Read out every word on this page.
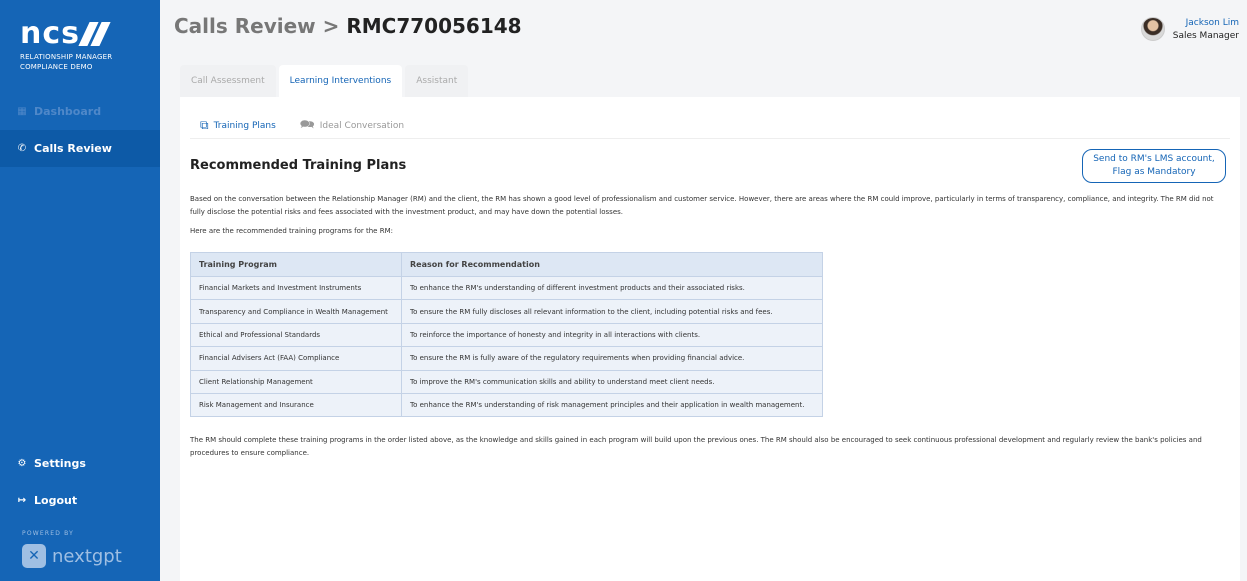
ncs
RELATIONSHIP MANAGER
COMPLIANCE DEMO
▦ Dashboard
✆ Calls Review
⚙ Settings
↦ Logout
POWERED BY
✕ nextgpt
Calls Review > RMC770056148	Jackson Lim
Sales Manager
Call Assessment	Learning Interventions	Assistant
⧉ Training Plans 🗪 Ideal Conversation
Recommended Training Plans	Send to RM's LMS account,
Flag as Mandatory

Based on the conversation between the Relationship Manager (RM) and the client, the RM has shown a good level of professionalism and customer service. However, there are areas where the RM could improve, particularly in terms of transparency, compliance, and integrity. The RM did not fully disclose the potential risks and fees associated with the investment product, and may have down the potential losses.

Here are the recommended training programs for the RM:

Training Program	Reason for Recommendation
Financial Markets and Investment Instruments	To enhance the RM's understanding of different investment products and their associated risks.
Transparency and Compliance in Wealth Management	To ensure the RM fully discloses all relevant information to the client, including potential risks and fees.
Ethical and Professional Standards	To reinforce the importance of honesty and integrity in all interactions with clients.
Financial Advisers Act (FAA) Compliance	To ensure the RM is fully aware of the regulatory requirements when providing financial advice.
Client Relationship Management	To improve the RM's communication skills and ability to understand meet client needs.
Risk Management and Insurance	To enhance the RM's understanding of risk management principles and their application in wealth management.

The RM should complete these training programs in the order listed above, as the knowledge and skills gained in each program will build upon the previous ones. The RM should also be encouraged to seek continuous professional development and regularly review the bank's policies and procedures to ensure compliance.
